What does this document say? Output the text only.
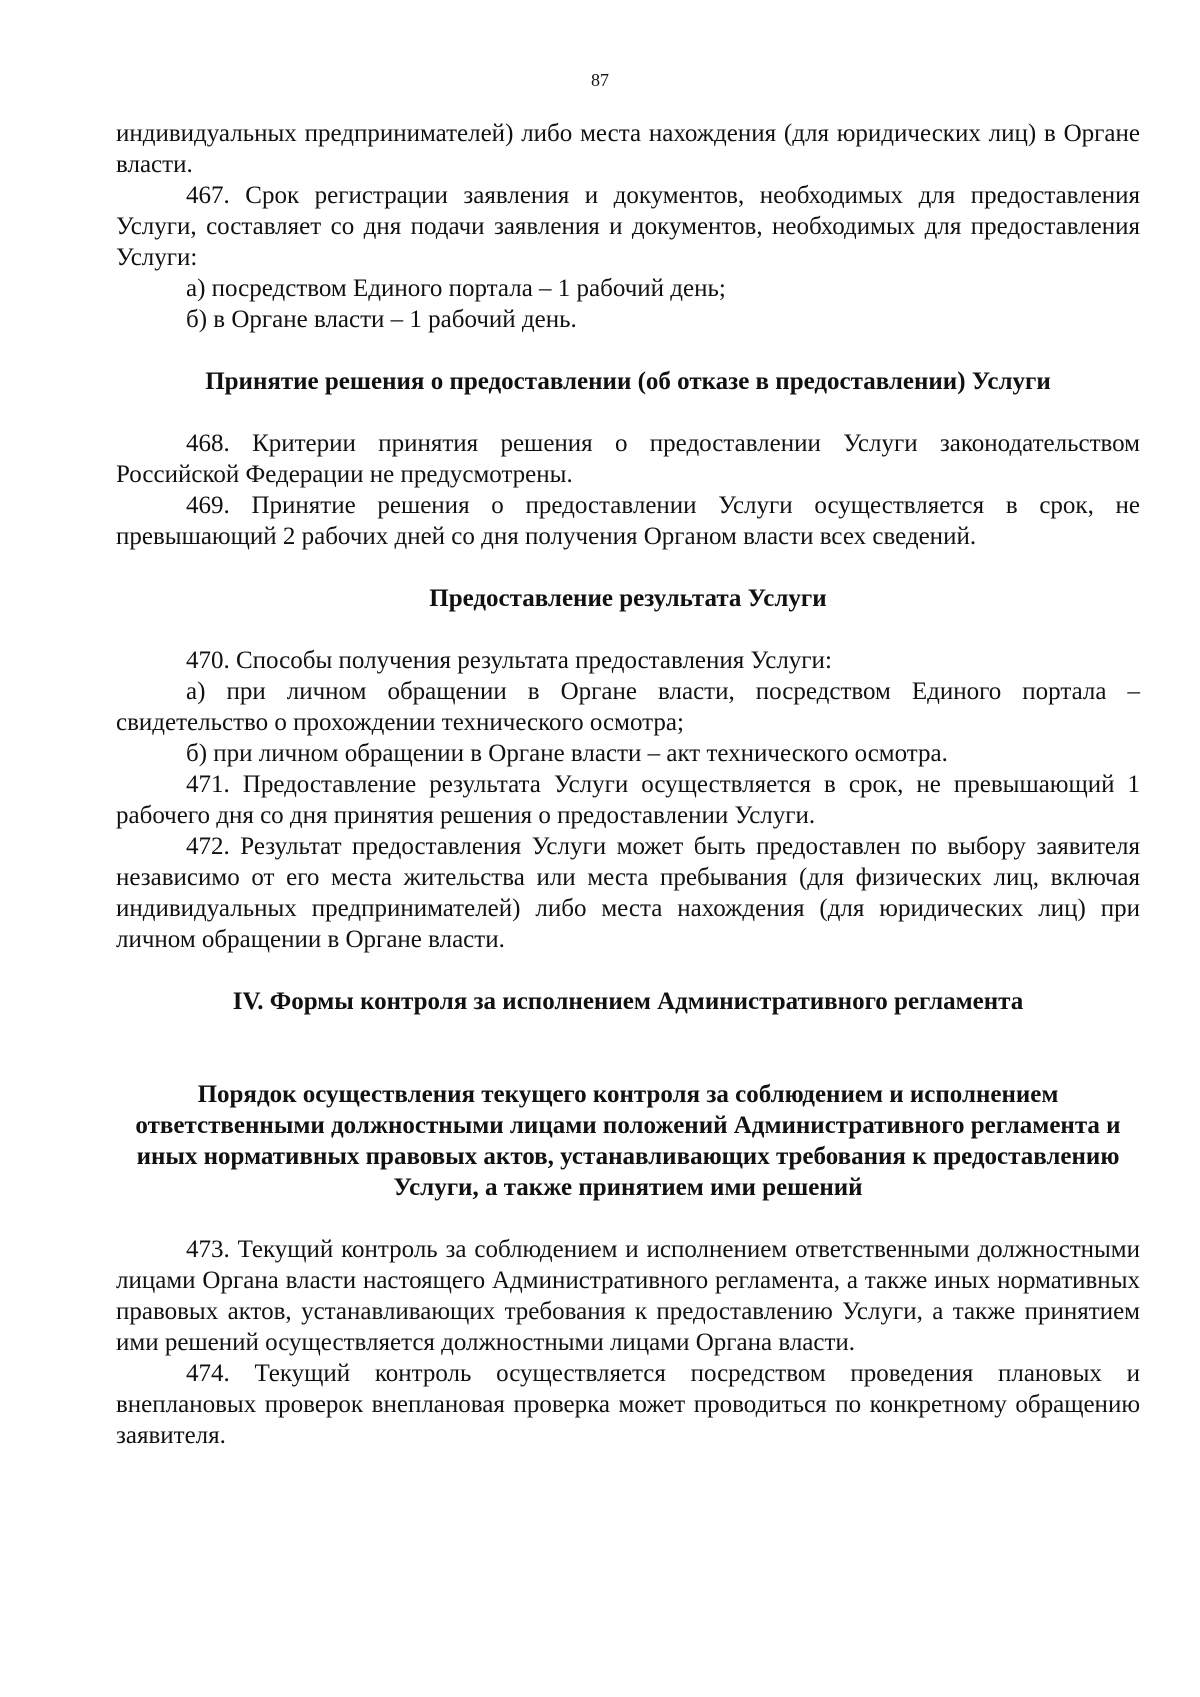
87

индивидуальных предпринимателей) либо места нахождения (для юридических лиц) в Органе власти.

467. Срок регистрации заявления и документов, необходимых для предоставления Услуги, составляет со дня подачи заявления и документов, необходимых для предоставления Услуги:

а) посредством Единого портала – 1 рабочий день;

б) в Органе власти – 1 рабочий день.

Принятие решения о предоставлении (об отказе в предоставлении) Услуги

468. Критерии принятия решения о предоставлении Услуги законодательством Российской Федерации не предусмотрены.

469. Принятие решения о предоставлении Услуги осуществляется в срок, не превышающий 2 рабочих дней со дня получения Органом власти всех сведений.

Предоставление результата Услуги

470. Способы получения результата предоставления Услуги:

а) при личном обращении в Органе власти, посредством Единого портала – свидетельство о прохождении технического осмотра;

б) при личном обращении в Органе власти – акт технического осмотра.

471. Предоставление результата Услуги осуществляется в срок, не превышающий 1 рабочего дня со дня принятия решения о предоставлении Услуги.

472. Результат предоставления Услуги может быть предоставлен по выбору заявителя независимо от его места жительства или места пребывания (для физических лиц, включая индивидуальных предпринимателей) либо места нахождения (для юридических лиц) при личном обращении в Органе власти.

IV. Формы контроля за исполнением Административного регламента
Порядок осуществления текущего контроля за соблюдением и исполнением ответственными должностными лицами положений Административного регламента и иных нормативных правовых актов, устанавливающих требования к предоставлению Услуги, а также принятием ими решений

473. Текущий контроль за соблюдением и исполнением ответственными должностными лицами Органа власти настоящего Административного регламента, а также иных нормативных правовых актов, устанавливающих требования к предоставлению Услуги, а также принятием ими решений осуществляется должностными лицами Органа власти.

474. Текущий контроль осуществляется посредством проведения плановых и внеплановых проверок внеплановая проверка может проводиться по конкретному обращению заявителя.
